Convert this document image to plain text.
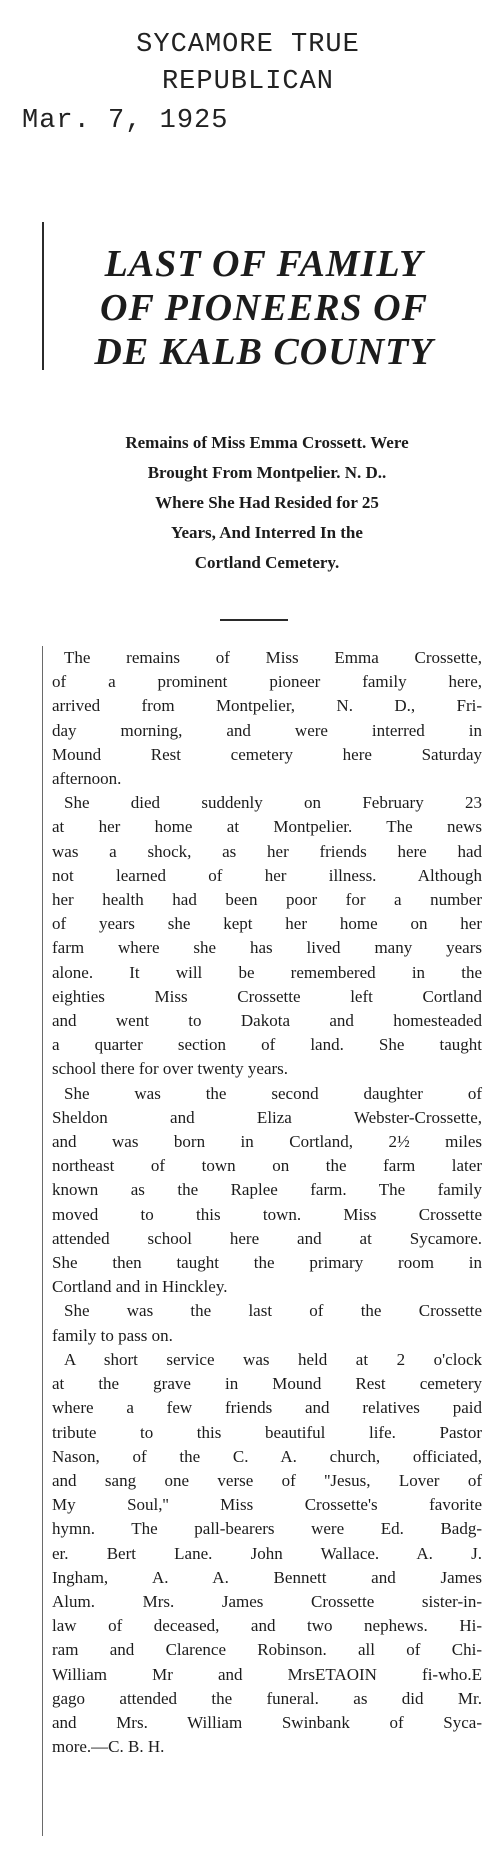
SYCAMORE TRUE
REPUBLICAN
Mar. 7, 1925
LAST OF FAMILY
OF PIONEERS OF
DE KALB COUNTY
Remains of Miss Emma Crossett. Were
Brought From Montpelier. N. D..
Where She Had Resided for 25
Years, And Interred In the
Cortland Cemetery.
The remains of Miss Emma Crossette,
of a prominent pioneer family here,
arrived from Montpelier, N. D., Fri-
day morning, and were interred in
Mound Rest cemetery here Saturday
afternoon.
She died suddenly on February 23
at her home at Montpelier. The news
was a shock, as her friends here had
not learned of her illness. Although
her health had been poor for a number
of years she kept her home on her
farm where she has lived many years
alone. It will be remembered in the
eighties Miss Crossette left Cortland
and went to Dakota and homesteaded
a quarter section of land. She taught
school there for over twenty years.
She was the second daughter of
Sheldon and Eliza Webster-Crossette,
and was born in Cortland, 2½ miles
northeast of town on the farm later
known as the Raplee farm. The family
moved to this town. Miss Crossette
attended school here and at Sycamore.
She then taught the primary room in
Cortland and in Hinckley.
She was the last of the Crossette
family to pass on.
A short service was held at 2 o'clock
at the grave in Mound Rest cemetery
where a few friends and relatives paid
tribute to this beautiful life. Pastor
Nason, of the C. A. church, officiated,
and sang one verse of ''Jesus, Lover of
My Soul,'' Miss Crossette's favorite
hymn. The pall-bearers were Ed. Badg-
er. Bert Lane. John Wallace. A. J.
Ingham, A. A. Bennett and James
Alum. Mrs. James Crossette sister-in-
law of deceased, and two nephews. Hi-
ram and Clarence Robinson. all of Chi-
William Mr and MrsETAOIN fi-who.E
gago attended the funeral. as did Mr.
and Mrs. William Swinbank of Syca-
more.—C. B. H.
